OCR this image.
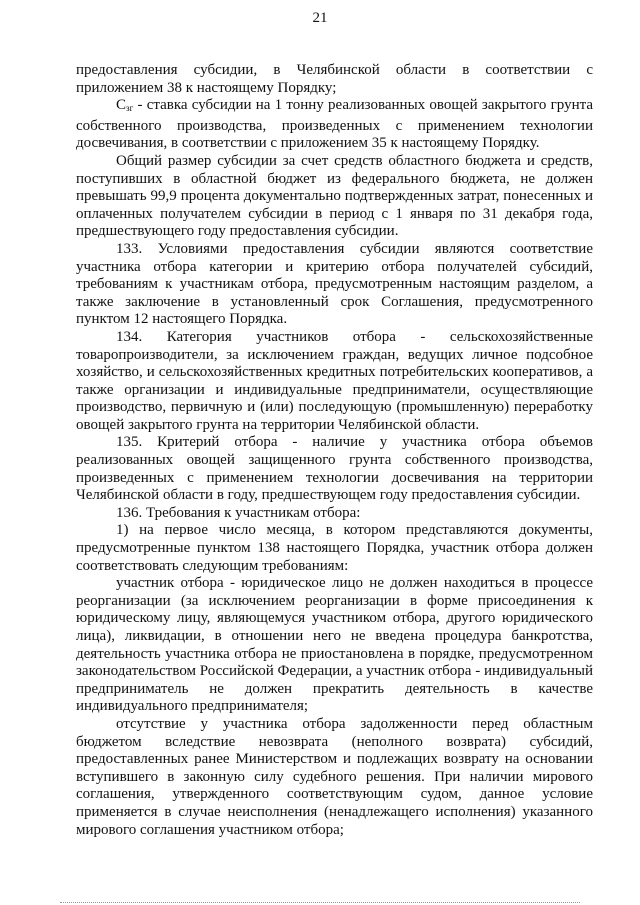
21

предоставления субсидии, в Челябинской области в соответствии с приложением 38 к настоящему Порядку;

$C_{зг}$ - ставка субсидии на 1 тонну реализованных овощей закрытого грунта собственного производства, произведенных с применением технологии досвечивания, в соответствии с приложением 35 к настоящему Порядку.

Общий размер субсидии за счет средств областного бюджета и средств, поступивших в областной бюджет из федерального бюджета, не должен превышать 99,9 процента документально подтвержденных затрат, понесенных и оплаченных получателем субсидии в период с 1 января по 31 декабря года, предшествующего году предоставления субсидии.

133. Условиями предоставления субсидии являются соответствие участника отбора категории и критерию отбора получателей субсидий, требованиям к участникам отбора, предусмотренным настоящим разделом, а также заключение в установленный срок Соглашения, предусмотренного пунктом 12 настоящего Порядка.

134. Категория участников отбора - сельскохозяйственные товаропроизводители, за исключением граждан, ведущих личное подсобное хозяйство, и сельскохозяйственных кредитных потребительских кооперативов, а также организации и индивидуальные предприниматели, осуществляющие производство, первичную и (или) последующую (промышленную) переработку овощей закрытого грунта на территории Челябинской области.

135. Критерий отбора - наличие у участника отбора объемов реализованных овощей защищенного грунта собственного производства, произведенных с применением технологии досвечивания на территории Челябинской области в году, предшествующем году предоставления субсидии.

136. Требования к участникам отбора:

1) на первое число месяца, в котором представляются документы, предусмотренные пунктом 138 настоящего Порядка, участник отбора должен соответствовать следующим требованиям:

участник отбора - юридическое лицо не должен находиться в процессе реорганизации (за исключением реорганизации в форме присоединения к юридическому лицу, являющемуся участником отбора, другого юридического лица), ликвидации, в отношении него не введена процедура банкротства, деятельность участника отбора не приостановлена в порядке, предусмотренном законодательством Российской Федерации, а участник отбора - индивидуальный предприниматель не должен прекратить деятельность в качестве индивидуального предпринимателя;

отсутствие у участника отбора задолженности перед областным бюджетом вследствие невозврата (неполного возврата) субсидий, предоставленных ранее Министерством и подлежащих возврату на основании вступившего в законную силу судебного решения. При наличии мирового соглашения, утвержденного соответствующим судом, данное условие применяется в случае неисполнения (ненадлежащего исполнения) указанного мирового соглашения участником отбора;
